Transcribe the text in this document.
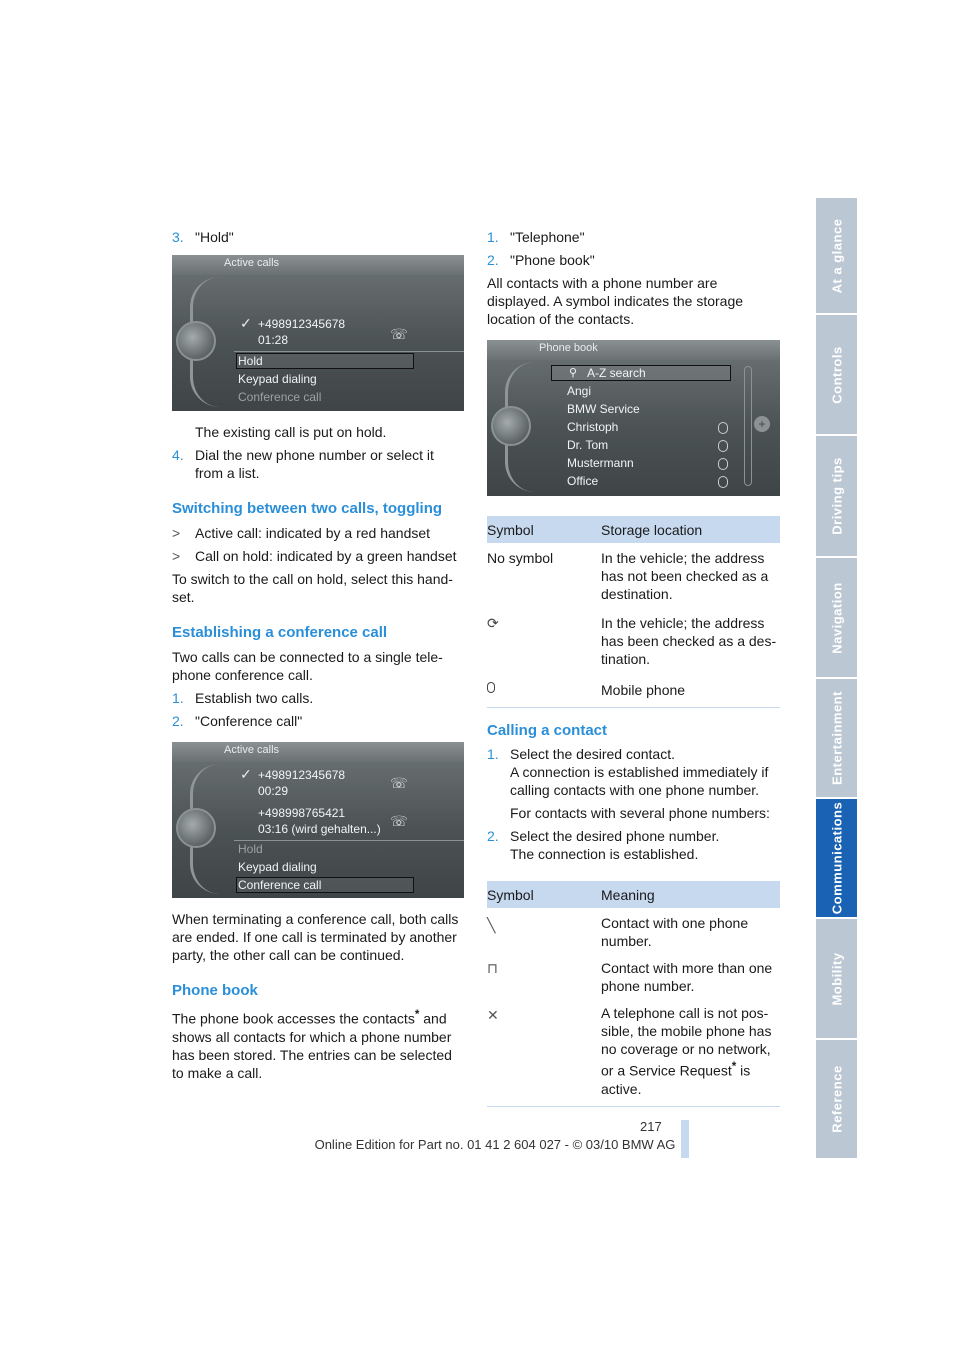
3. "Hold"
Active calls
✓ +498912345678
01:28	☏
Hold
Keypad dialing
Conference call

The existing call is put on hold.

4. Dial the new phone number or select it from a list.
Switching between two calls, toggling
> Active call: indicated by a red handset
> Call on hold: indicated by a green handset

To switch to the call on hold, select this hand-set.

Establishing a conference call

Two calls can be connected to a single tele-phone conference call.

1. Establish two calls.
2. "Conference call"
Active calls
✓ +498912345678
00:29	☏
+498998765421
03:16 (wird gehalten...) ☏
Hold
Keypad dialing
Conference call

When terminating a conference call, both calls are ended. If one call is terminated by another party, the other call can be continued.

Phone book

The phone book accesses the contacts* and shows all contacts for which a phone number has been stored. The entries can be selected to make a call.

1. "Telephone"
2. "Phone book"

All contacts with a phone number are displayed. A symbol indicates the storage location of the contacts.

Phone book
⚲ A-Z search
Angi
BMW Service
Christoph
Dr. Tom
Mustermann
Office
+
Symbol	Storage location
No symbol	In the vehicle; the address has not been checked as a destination.
⟳	In the vehicle; the address has been checked as a des-tination.
	Mobile phone
Calling a contact
1. Select the desired contact.
A connection is established immediately if calling contacts with one phone number.
For contacts with several phone numbers:
2. Select the desired phone number.
The connection is established.
Symbol	Meaning
╲	Contact with one phone number.
⊓	Contact with more than one phone number.
✕	A telephone call is not pos-sible, the mobile phone has no coverage or no network, or a Service Request* is active.
At a glance
Controls
Driving tips
Navigation
Entertainment
Communications
Mobility
Reference
217
Online Edition for Part no. 01 41 2 604 027 - © 03/10 BMW AG
